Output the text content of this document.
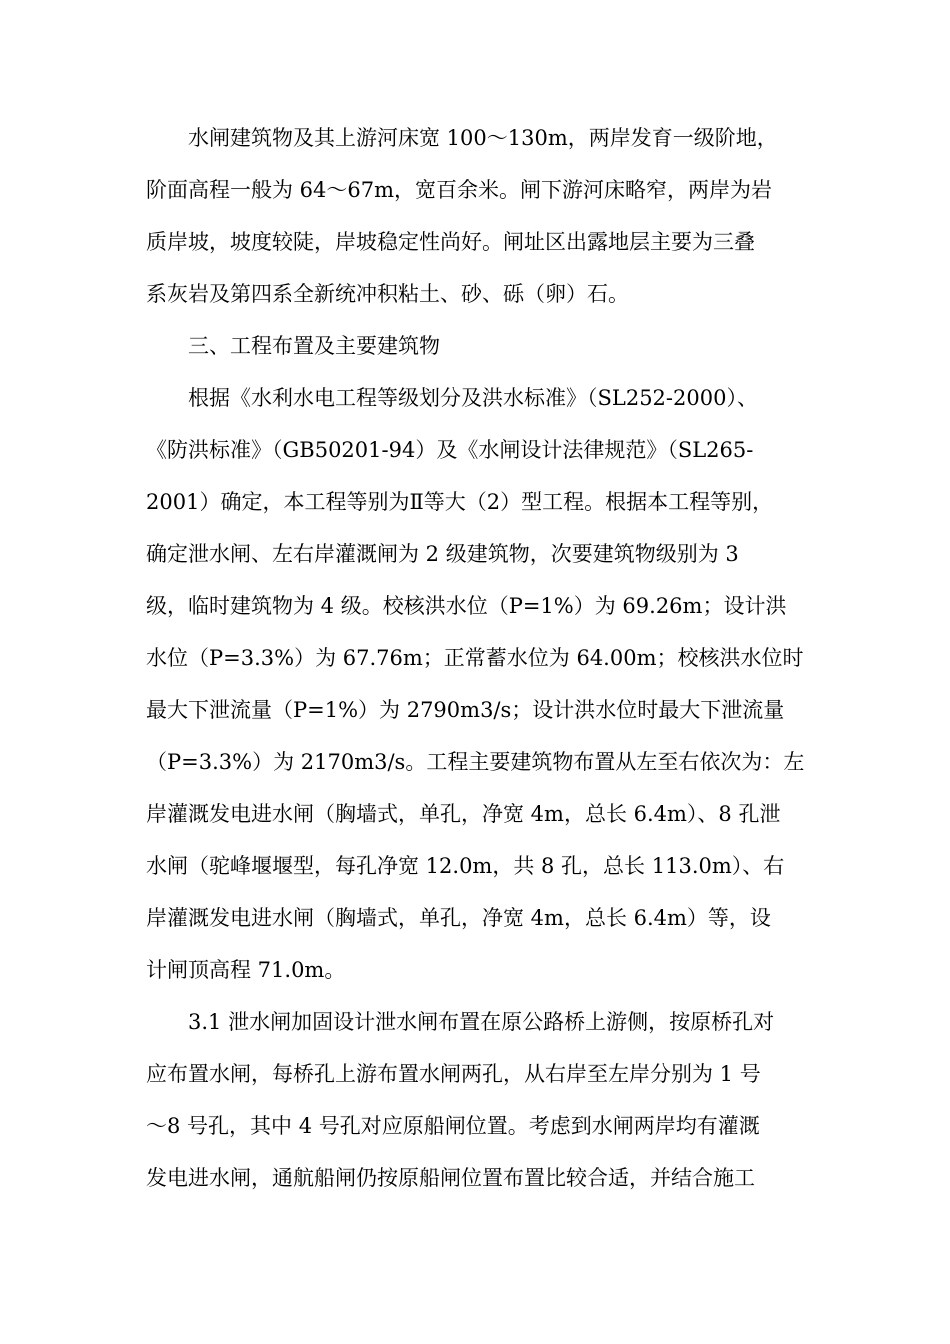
水闸建筑物及其上游河床宽 100～130m，两岸发育一级阶地，
阶面高程一般为 64～67m，宽百余米。闸下游河床略窄，两岸为岩
质岸坡，坡度较陡，岸坡稳定性尚好。闸址区出露地层主要为三叠
系灰岩及第四系全新统冲积粘土、砂、砾（卵）石。
三、工程布置及主要建筑物
根据《水利水电工程等级划分及洪水标准》（SL252-2000）、
《防洪标准》（GB50201-94）及《水闸设计法律规范》（SL265-
2001）确定，本工程等别为Ⅱ等大（2）型工程。根据本工程等别，
确定泄水闸、左右岸灌溉闸为 2 级建筑物，次要建筑物级别为 3
级，临时建筑物为 4 级。校核洪水位（P=1%）为 69.26m；设计洪
水位（P=3.3%）为 67.76m；正常蓄水位为 64.00m；校核洪水位时
最大下泄流量（P=1%）为 2790m3/s；设计洪水位时最大下泄流量
（P=3.3%）为 2170m3/s。工程主要建筑物布置从左至右依次为：左
岸灌溉发电进水闸（胸墙式，单孔，净宽 4m，总长 6.4m）、8 孔泄
水闸（驼峰堰堰型，每孔净宽 12.0m，共 8 孔，总长 113.0m）、右
岸灌溉发电进水闸（胸墙式，单孔，净宽 4m，总长 6.4m）等，设
计闸顶高程 71.0m。
3.1 泄水闸加固设计泄水闸布置在原公路桥上游侧，按原桥孔对
应布置水闸，每桥孔上游布置水闸两孔，从右岸至左岸分别为 1 号
～8 号孔，其中 4 号孔对应原船闸位置。考虑到水闸两岸均有灌溉
发电进水闸，通航船闸仍按原船闸位置布置比较合适，并结合施工
